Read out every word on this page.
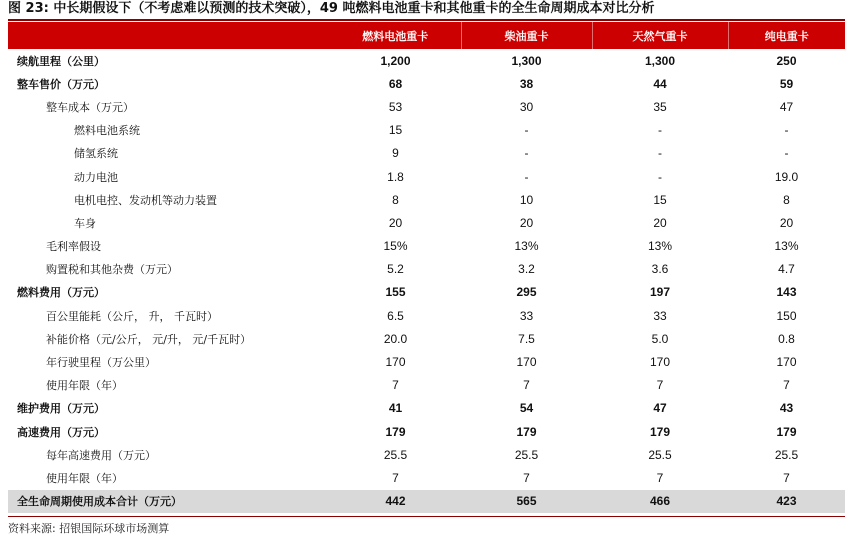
图 23: 中长期假设下（不考虑难以预测的技术突破），49 吨燃料电池重卡和其他重卡的全生命周期成本对比分析
	燃料电池重卡	柴油重卡	天然气重卡	纯电重卡
续航里程（公里）	1,200	1,300	1,300	250
整车售价（万元）	68	38	44	59
整车成本（万元）	53	30	35	47
燃料电池系统	15	-	-	-
储氢系统	9	-	-	-
动力电池	1.8	-	-	19.0
电机电控、发动机等动力装置	8	10	15	8
车身	20	20	20	20
毛利率假设	15%	13%	13%	13%
购置税和其他杂费（万元）	5.2	3.2	3.6	4.7
燃料费用（万元）	155	295	197	143
百公里能耗（公斤， 升， 千瓦时）	6.5	33	33	150
补能价格（元/公斤， 元/升， 元/千瓦时）	20.0	7.5	5.0	0.8
年行驶里程（万公里）	170	170	170	170
使用年限（年）	7	7	7	7
维护费用（万元）	41	54	47	43
高速费用（万元）	179	179	179	179
每年高速费用（万元）	25.5	25.5	25.5	25.5
使用年限（年）	7	7	7	7
全生命周期使用成本合计（万元）	442	565	466	423
资料来源: 招银国际环球市场测算
